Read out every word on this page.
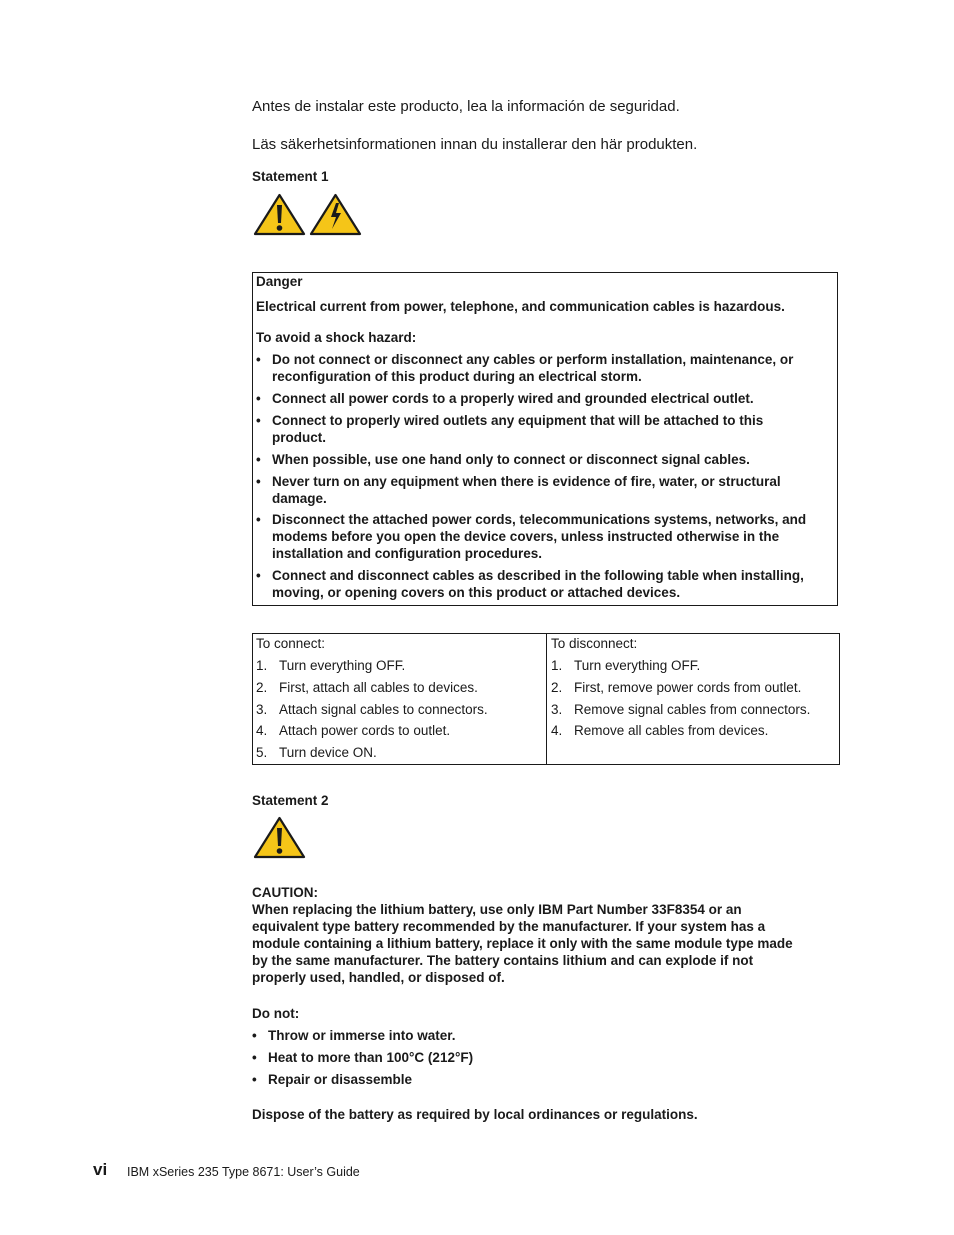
Antes de instalar este producto, lea la información de seguridad.
Läs säkerhetsinformationen innan du installerar den här produkten.
Statement 1
Danger
Electrical current from power, telephone, and communication cables is hazardous.
To avoid a shock hazard:
• Do not connect or disconnect any cables or perform installation, maintenance, or
reconfiguration of this product during an electrical storm.
• Connect all power cords to a properly wired and grounded electrical outlet.
• Connect to properly wired outlets any equipment that will be attached to this
product.
• When possible, use one hand only to connect or disconnect signal cables.
• Never turn on any equipment when there is evidence of fire, water, or structural
damage.
• Disconnect the attached power cords, telecommunications systems, networks, and
modems before you open the device covers, unless instructed otherwise in the
installation and configuration procedures.
• Connect and disconnect cables as described in the following table when installing,
moving, or opening covers on this product or attached devices.
To connect:	To disconnect:
1. Turn everything OFF.
2. First, attach all cables to devices.
3. Attach signal cables to connectors.
4. Attach power cords to outlet.
5. Turn device ON.
1. Turn everything OFF.
2. First, remove power cords from outlet.
3. Remove signal cables from connectors.
4. Remove all cables from devices.
Statement 2
CAUTION:
When replacing the lithium battery, use only IBM Part Number 33F8354 or an
equivalent type battery recommended by the manufacturer. If your system has a
module containing a lithium battery, replace it only with the same module type made
by the same manufacturer. The battery contains lithium and can explode if not
properly used, handled, or disposed of.
Do not:
• Throw or immerse into water.
• Heat to more than 100°C (212°F)
• Repair or disassemble
Dispose of the battery as required by local ordinances or regulations.
vi IBM xSeries 235 Type 8671: User’s Guide
